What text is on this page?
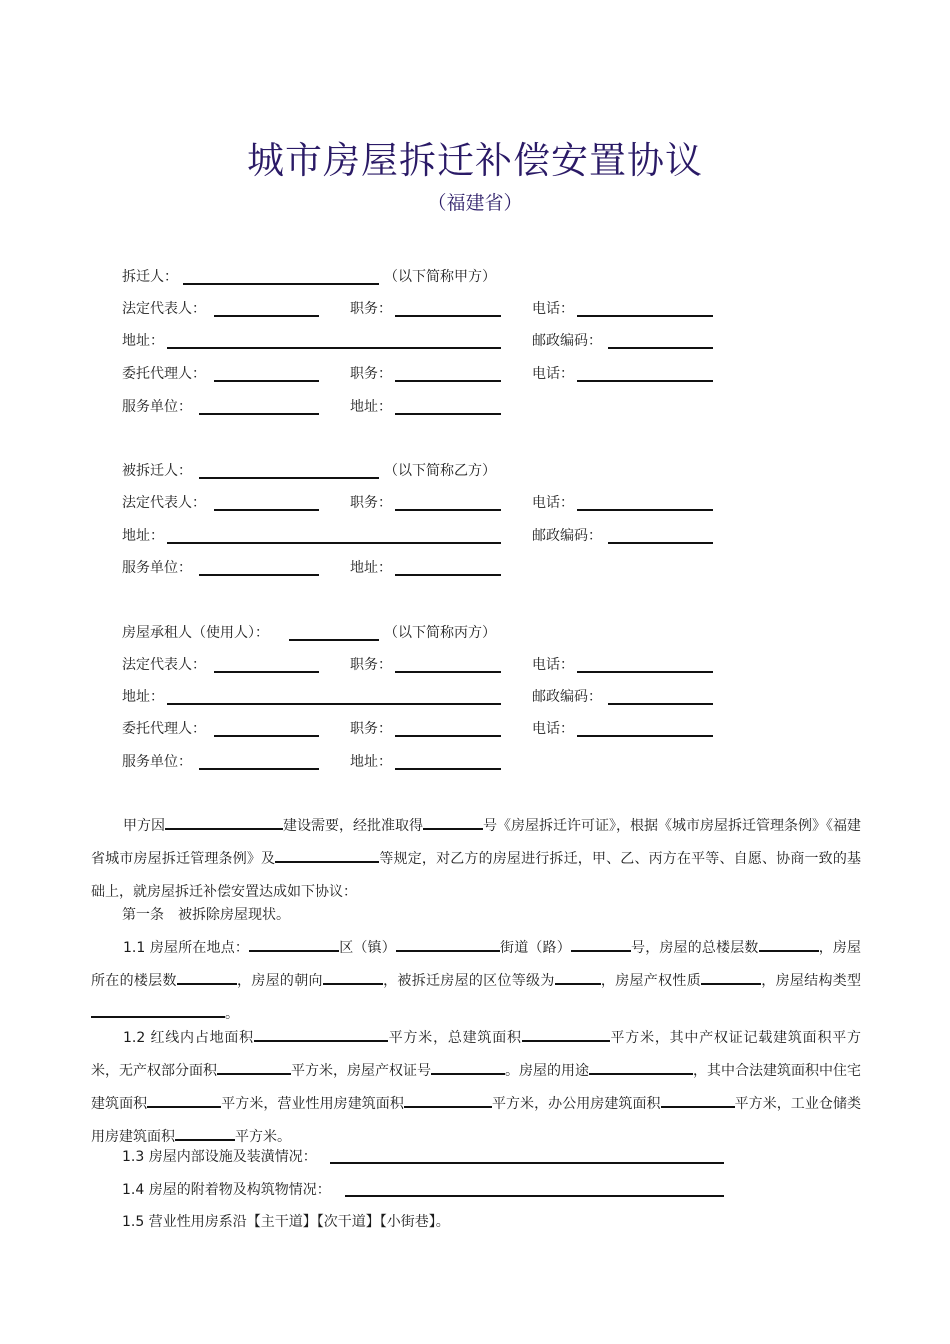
城市房屋拆迁补偿安置协议
（福建省）
拆迁人：	（以下简称甲方）
法定代表人：	职务：	电话：
地址：	邮政编码：
委托代理人：	职务：	电话：
服务单位：	地址：
被拆迁人：	（以下简称乙方）
法定代表人：	职务：	电话：
地址：	邮政编码：
服务单位：	地址：
房屋承租人（使用人）：	（以下简称丙方）
法定代表人：	职务：	电话：
地址：	邮政编码：
委托代理人：	职务：	电话：
服务单位：	地址：
甲方因	建设需要，经批准取得	号《房屋拆迁许可证》，根据《城市房屋拆迁管理条例》《福建省城市房屋拆迁管理条例》及	等规定，对乙方的房屋进行拆迁，甲、乙、丙方在平等、自愿、协商一致的基础上，就房屋拆迁补偿安置达成如下协议：
第一条　被拆除房屋现状。
1.1 房屋所在地点：	区（镇）	街道（路）	号，房屋的总楼层数	，房屋所在的楼层数	，房屋的朝向	，被拆迁房屋的区位等级为	，房屋产权性质	，房屋结构类型。
1.2 红线内占地面积	平方米，总建筑面积	平方米，其中产权证记载建筑面积平方米，无产权部分面积	平方米，房屋产权证号	。房屋的用途	，其中合法建筑面积中住宅建筑面积	平方米，营业性用房建筑面积	平方米，办公用房建筑面积	平方米，工业仓储类用房建筑面积	平方米。
1.3 房屋内部设施及装潢情况：
1.4 房屋的附着物及构筑物情况：
1.5 营业性用房系沿【主干道】【次干道】【小街巷】。
